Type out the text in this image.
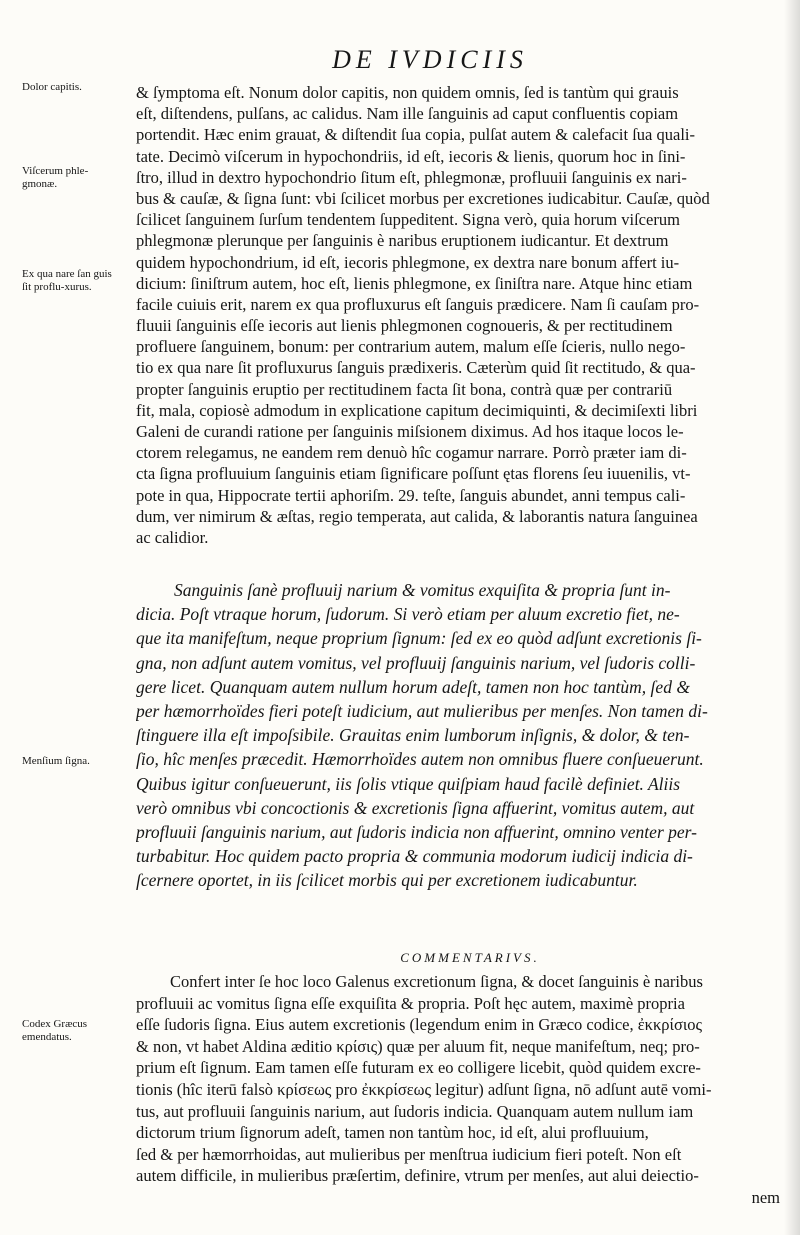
DE IVDICIIS
Dolor capitis.
Viſcerum phle-gmonæ.
Ex qua nare ſan guis ſit proflu-xurus.
Menſium ſigna.
Codex Græcus emendatus.
& ſymptoma eſt. Nonum dolor capitis, non quidem omnis, ſed is tantùm qui grauis
eſt, diſtendens, pulſans, ac calidus. Nam ille ſanguinis ad caput confluentis copiam
portendit. Hæc enim grauat, & diſtendit ſua copia, pulſat autem & calefacit ſua quali-
tate. Decimò viſcerum in hypochondriis, id eſt, iecoris & lienis, quorum hoc in ſini-
ſtro, illud in dextro hypochondrio ſitum eſt, phlegmonæ, profluuii ſanguinis ex nari-
bus & cauſæ, & ſigna ſunt: vbi ſcilicet morbus per excretiones iudicabitur. Cauſæ, quòd
ſcilicet ſanguinem ſurſum tendentem ſuppeditent. Signa verò, quia horum viſcerum
phlegmonæ plerunque per ſanguinis è naribus eruptionem iudicantur. Et dextrum
quidem hypochondrium, id eſt, iecoris phlegmone, ex dextra nare bonum affert iu-
dicium: ſiniſtrum autem, hoc eſt, lienis phlegmone, ex ſiniſtra nare. Atque hinc etiam
facile cuiuis erit, narem ex qua profluxurus eſt ſanguis prædicere. Nam ſi cauſam pro-
fluuii ſanguinis eſſe iecoris aut lienis phlegmonen cognoueris, & per rectitudinem
profluere ſanguinem, bonum: per contrarium autem, malum eſſe ſcieris, nullo nego-
tio ex qua nare ſit profluxurus ſanguis prædixeris. Cæterùm quid ſit rectitudo, & qua-
propter ſanguinis eruptio per rectitudinem facta ſit bona, contrà quæ per contrariū
fit, mala, copiosè admodum in explicatione capitum decimiquinti, & decimiſexti libri
Galeni de curandi ratione per ſanguinis miſsionem diximus. Ad hos itaque locos le-
ctorem relegamus, ne eandem rem denuò hîc cogamur narrare. Porrò præter iam di-
cta ſigna profluuium ſanguinis etiam ſignificare poſſunt ętas florens ſeu iuuenilis, vt-
pote in qua, Hippocrate tertii aphoriſm. 29. teſte, ſanguis abundet, anni tempus cali-
dum, ver nimirum & æſtas, regio temperata, aut calida, & laborantis natura ſanguinea
ac calidior.
Sanguinis ſanè profluuij narium & vomitus exquiſita & propria ſunt in-
dicia. Poſt vtraque horum, ſudorum. Si verò etiam per aluum excretio fiet, ne-
que ita manifeſtum, neque proprium ſignum: ſed ex eo quòd adſunt excretionis ſi-
gna, non adſunt autem vomitus, vel profluuij ſanguinis narium, vel ſudoris colli-
gere licet. Quanquam autem nullum horum adeſt, tamen non hoc tantùm, ſed &
per hæmorrhoïdes fieri poteſt iudicium, aut mulieribus per menſes. Non tamen di-
ſtinguere illa eſt impoſsibile. Grauitas enim lumborum inſignis, & dolor, & ten-
ſio, hîc menſes præcedit. Hæmorrhoïdes autem non omnibus fluere conſueuerunt.
Quibus igitur conſueuerunt, iis ſolis vtique quiſpiam haud facilè definiet. Aliis
verò omnibus vbi concoctionis & excretionis ſigna affuerint, vomitus autem, aut
profluuii ſanguinis narium, aut ſudoris indicia non affuerint, omnino venter per-
turbabitur. Hoc quidem pacto propria & communia modorum iudicij indicia di-
ſcernere oportet, in iis ſcilicet morbis qui per excretionem iudicabuntur.
COMMENTARIVS.
Confert inter ſe hoc loco Galenus excretionum ſigna, & docet ſanguinis è naribus
profluuii ac vomitus ſigna eſſe exquiſita & propria. Poſt hęc autem, maximè propria
eſſe ſudoris ſigna. Eius autem excretionis (legendum enim in Græco codice, ἐκκρίσιος
& non, vt habet Aldina æditio κρίσις) quæ per aluum fit, neque manifeſtum, neq; pro-
prium eſt ſignum. Eam tamen eſſe futuram ex eo colligere licebit, quòd quidem excre-
tionis (hîc iterū falsò κρίσεως pro ἐκκρίσεως legitur) adſunt ſigna, nō adſunt autē vomi-
tus, aut profluuii ſanguinis narium, aut ſudoris indicia. Quanquam autem nullum iam
dictorum trium ſignorum adeſt, tamen non tantùm hoc, id eſt, alui profluuium,
ſed & per hæmorrhoidas, aut mulieribus per menſtrua iudicium fieri poteſt. Non eſt
autem difficile, in mulieribus præſertim, definire, vtrum per menſes, aut alui deiectio-
nem
